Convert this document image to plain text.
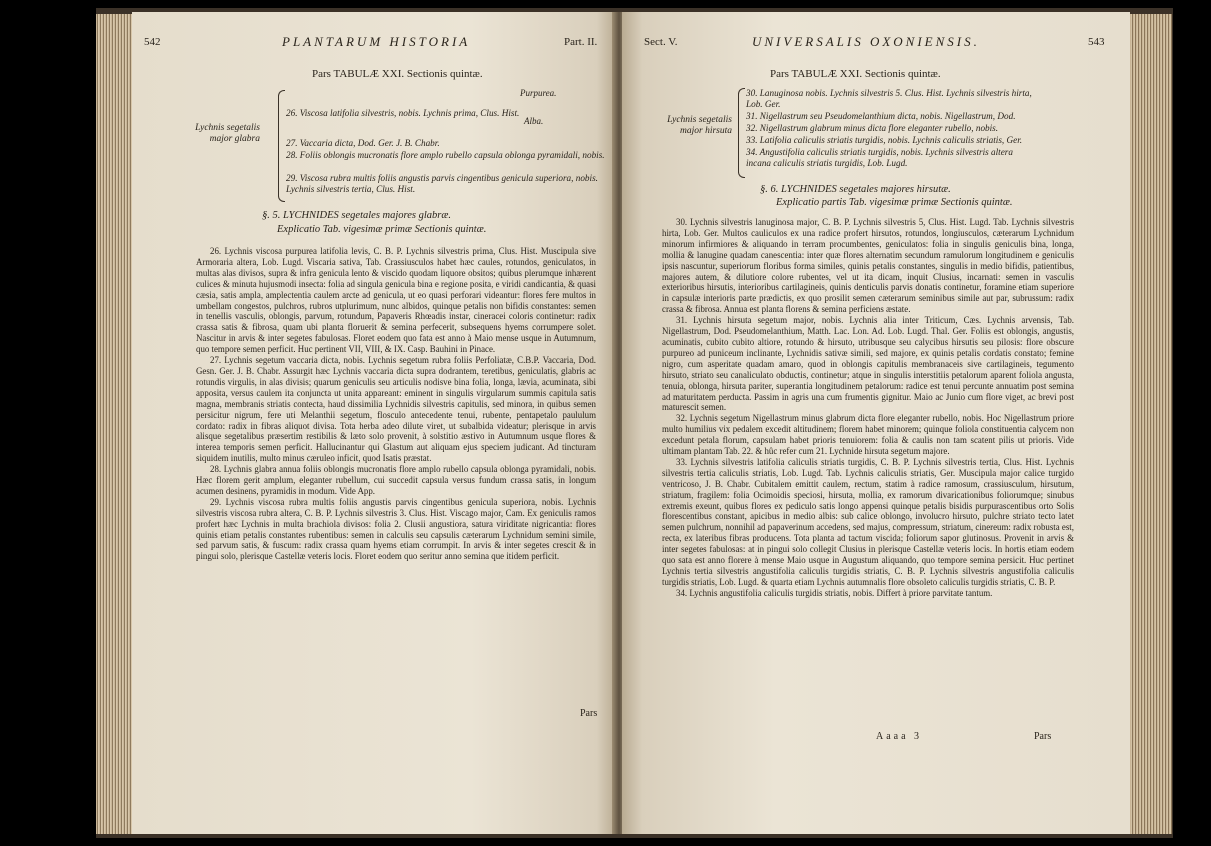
542	PLANTARUM HISTORIA	Part. II.
Pars TABULÆ XXI. Sectionis quintæ.
Lychnis segetalis major glabra
26. Viscosa latifolia silvestris, nobis. Lychnis prima, Clus. Hist.
Purpurea.
Alba.
27. Vaccaria dicta, Dod. Ger. J. B. Chabr.
28. Foliis oblongis mucronatis flore amplo rubello capsula oblonga pyramidali, nobis.
29. Viscosa rubra multis foliis angustis parvis cingentibus genicula superiora, nobis. Lychnis silvestris tertia, Clus. Hist.
§. 5. LYCHNIDES segetales majores glabræ.
Explicatio Tab. vigesimæ primæ Sectionis quintæ.

26. Lychnis viscosa purpurea latifolia levis, C. B. P. Lychnis silvestris prima, Clus. Hist. Muscipula sive Armoraria altera, Lob. Lugd. Viscaria sativa, Tab. Crassiusculos habet hæc caules, rotundos, geniculatos, in multas alas divisos, supra & infra genicula lento & viscido quodam liquore obsitos; quibus plerumque inhærent culices & minuta hujusmodi insecta: folia ad singula genicula bina e regione posita, e viridi candicantia, & quasi cæsia, satis ampla, amplectentia caulem arcte ad genicula, ut eo quasi perforari videantur: flores fere multos in umbellam congestos, pulchros, rubros utplurimum, nunc albidos, quinque petalis non bifidis constantes: semen in tenellis vasculis, oblongis, parvum, rotundum, Papaveris Rhœadis instar, cineracei coloris continetur: radix crassa satis & fibrosa, quam ubi planta floruerit & semina perfecerit, subsequens hyems corrumpere solet. Nascitur in arvis & inter segetes fabulosas. Floret eodem quo fata est anno à Maio mense usque in Autumnum, quo tempore semen perficit. Huc pertinent VII, VIII, & IX. Casp. Bauhini in Pinace.

27. Lychnis segetum vaccaria dicta, nobis. Lychnis segetum rubra foliis Perfoliatæ, C.B.P. Vaccaria, Dod. Gesn. Ger. J. B. Chabr. Assurgit hæc Lychnis vaccaria dicta supra dodrantem, teretibus, geniculatis, glabris ac rotundis virgulis, in alas divisis; quarum geniculis seu articulis nodisve bina folia, longa, lævia, acuminata, sibi apposita, versus caulem ita conjuncta ut unita appareant: eminent in singulis virgularum summis capitula satis magna, membranis striatis contecta, haud dissimilia Lychnidis silvestris capitulis, sed minora, in quibus semen persicitur nigrum, fere uti Melanthii segetum, flosculo antecedente tenui, rubente, pentapetalo paululum cordato: radix in fibras aliquot divisa. Tota herba adeo dilute viret, ut subalbida videatur; plerisque in arvis alisque segetalibus præsertim restibilis & læto solo provenit, à solstitio æstivo in Autumnum usque flores & interea temporis semen perficit. Hallucinantur qui Glastum aut aliquam ejus speciem judicant. Ad tincturam siquidem inutilis, multo minus cæruleo inficit, quod Isatis præstat.

28. Lychnis glabra annua foliis oblongis mucronatis flore amplo rubello capsula oblonga pyramidali, nobis. Hæc florem gerit amplum, eleganter rubellum, cui succedit capsula versus fundum crassa satis, in longum acumen desinens, pyramidis in modum. Vide App.

29. Lychnis viscosa rubra multis foliis angustis parvis cingentibus genicula superiora, nobis. Lychnis silvestris viscosa rubra altera, C. B. P. Lychnis silvestris 3. Clus. Hist. Viscago major, Cam. Ex geniculis ramos profert hæc Lychnis in multa brachiola divisos: folia 2. Clusii angustiora, satura viriditate nigricantia: flores quinis etiam petalis constantes rubentibus: semen in calculis seu capsulis cæterarum Lychnidum semini simile, sed parvum satis, & fuscum: radix crassa quam hyems etiam corrumpit. In arvis & inter segetes crescit & in pingui solo, plerisque Castellæ veteris locis. Floret eodem quo seritur anno semina que itidem perficit.

Pars
Sect. V.	UNIVERSALIS OXONIENSIS.	543
Pars TABULÆ XXI. Sectionis quintæ.
Lychnis segetalis major hirsuta
30. Lanuginosa nobis. Lychnis silvestris 5. Clus. Hist. Lychnis silvestris hirta, Lob. Ger.
31. Nigellastrum seu Pseudomelanthium dicta, nobis. Nigellastrum, Dod.
32. Nigellastrum glabrum minus dicta flore eleganter rubello, nobis.
33. Latifolia caliculis striatis turgidis, nobis. Lychnis caliculis striatis, Ger.
34. Angustifolia caliculis striatis turgidis, nobis. Lychnis silvestris altera incana caliculis striatis turgidis, Lob. Lugd.
§. 6. LYCHNIDES segetales majores hirsutæ.
Explicatio partis Tab. vigesimæ primæ Sectionis quintæ.

30. Lychnis silvestris lanuginosa major, C. B. P. Lychnis silvestris 5, Clus. Hist. Lugd. Tab. Lychnis silvestris hirta, Lob. Ger. Multos cauliculos ex una radice profert hirsutos, rotundos, longiusculos, cæterarum Lychnidum minorum infirmiores & aliquando in terram procumbentes, geniculatos: folia in singulis geniculis bina, longa, mollia & lanugine quadam canescentia: inter quæ flores alternatim secundum ramulorum longitudinem e geniculis ipsis nascuntur, superiorum floribus forma similes, quinis petalis constantes, singulis in medio bifidis, patientibus, majores autem, & dilutiore colore rubentes, vel ut ita dicam, inquit Clusius, incarnati: semen in vasculis exterioribus hirsutis, interioribus cartilagineis, quinis denticulis parvis donatis continetur, foramine etiam superiore in capsulæ interioris parte prædictis, ex quo prosilit semen cæterarum seminibus simile aut par, subrussum: radix crassa & fibrosa. Annua est planta florens & semina perficiens æstate.

31. Lychnis hirsuta segetum major, nobis. Lychnis alia inter Triticum, Cæs. Lychnis arvensis, Tab. Nigellastrum, Dod. Pseudomelanthium, Matth. Lac. Lon. Ad. Lob. Lugd. Thal. Ger. Foliis est oblongis, angustis, acuminatis, cubito cubito altiore, rotundo & hirsuto, utribusque seu calycibus hirsutis seu pilosis: flore obscure purpureo ad puniceum inclinante, Lychnidis sativæ simili, sed majore, ex quinis petalis cordatis constato; femine nigro, cum asperitate quadam amaro, quod in oblongis capitulis membranaceis sive cartilagineis, tegumento hirsuto, striato seu canaliculato obductis, continetur; atque in singulis interstitiis petalorum aparent foliola angusta, tenuia, oblonga, hirsuta pariter, superantia longitudinem petalorum: radice est tenui percunte annuatim post semina ad maturitatem perducta. Passim in agris una cum frumentis gignitur. Maio ac Junio cum flore viget, ac brevi post maturescit semen.

32. Lychnis segetum Nigellastrum minus glabrum dicta flore eleganter rubello, nobis. Hoc Nigellastrum priore multo humilius vix pedalem excedit altitudinem; florem habet minorem; quinque foliola constituentia calycem non excedunt petala florum, capsulam habet prioris tenuiorem: folia & caulis non tam scatent pilis ut prioris. Vide ultimam plantam Tab. 22. & hûc refer cum 21. Lychnide hirsuta segetum majore.

33. Lychnis silvestris latifolia caliculis striatis turgidis, C. B. P. Lychnis silvestris tertia, Clus. Hist. Lychnis silvestris tertia caliculis striatis, Lob. Lugd. Tab. Lychnis caliculis striatis, Ger. Muscipula major calice turgido ventricoso, J. B. Chabr. Cubitalem emittit caulem, rectum, statim à radice ramosum, crassiusculum, hirsutum, striatum, fragilem: folia Ocimoidis speciosi, hirsuta, mollia, ex ramorum divaricationibus foliorumque; sinubus extremis exeunt, quibus flores ex pediculo satis longo appensi quinque petalis bisidis purpurascentibus orto Solis florescentibus constant, apicibus in medio albis: sub calice oblongo, involucro hirsuto, pulchre striato tecto latet semen pulchrum, nonnihil ad papaverinum accedens, sed majus, compressum, striatum, cinereum: radix robusta est, recta, ex lateribus fibras producens. Tota planta ad tactum viscida; foliorum sapor glutinosus. Provenit in arvis & inter segetes fabulosas: at in pingui solo collegit Clusius in plerisque Castellæ veteris locis. In hortis etiam eodem quo sata est anno florere à mense Maio usque in Augustum aliquando, quo tempore semina persicit. Huc pertinet Lychnis tertia silvestris angustifolia caliculis turgidis striatis, C. B. P. Lychnis silvestris angustifolia caliculis turgidis striatis, Lob. Lugd. & quarta etiam Lychnis autumnalis flore obsoleto caliculis turgidis striatis, C. B. P.

34. Lychnis angustifolia caliculis turgidis striatis, nobis. Differt à priore parvitate tantum.

Aaaa 3	Pars
